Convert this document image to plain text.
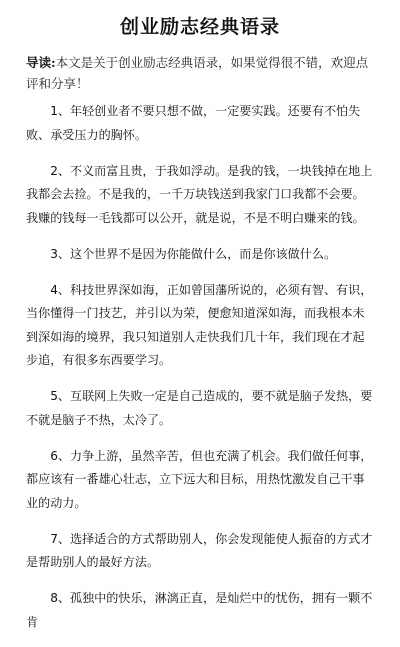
创业励志经典语录
导读:本文是关于创业励志经典语录，如果觉得很不错，欢迎点评和分享！

1、年轻创业者不要只想不做，一定要实践。还要有不怕失败、承受压力的胸怀。

2、不义而富且贵，于我如浮动。是我的钱，一块钱掉在地上我都会去捡。不是我的，一千万块钱送到我家门口我都不会要。我赚的钱每一毛钱都可以公开，就是说，不是不明白赚来的钱。

3、这个世界不是因为你能做什么，而是你该做什么。

4、科技世界深如海，正如曾国藩所说的，必须有智、有识，当你懂得一门技艺，并引以为荣，便愈知道深如海，而我根本未到深如海的境界，我只知道别人走快我们几十年，我们现在才起步追，有很多东西要学习。

5、互联网上失败一定是自己造成的，要不就是脑子发热，要不就是脑子不热，太冷了。

6、力争上游，虽然辛苦，但也充满了机会。我们做任何事，都应该有一番雄心壮志，立下远大和目标，用热忱激发自己干事业的动力。

7、选择适合的方式帮助别人，你会发现能使人振奋的方式才是帮助别人的最好方法。

8、孤独中的快乐，淋漓正直，是灿烂中的忧伤，拥有一颗不肯
